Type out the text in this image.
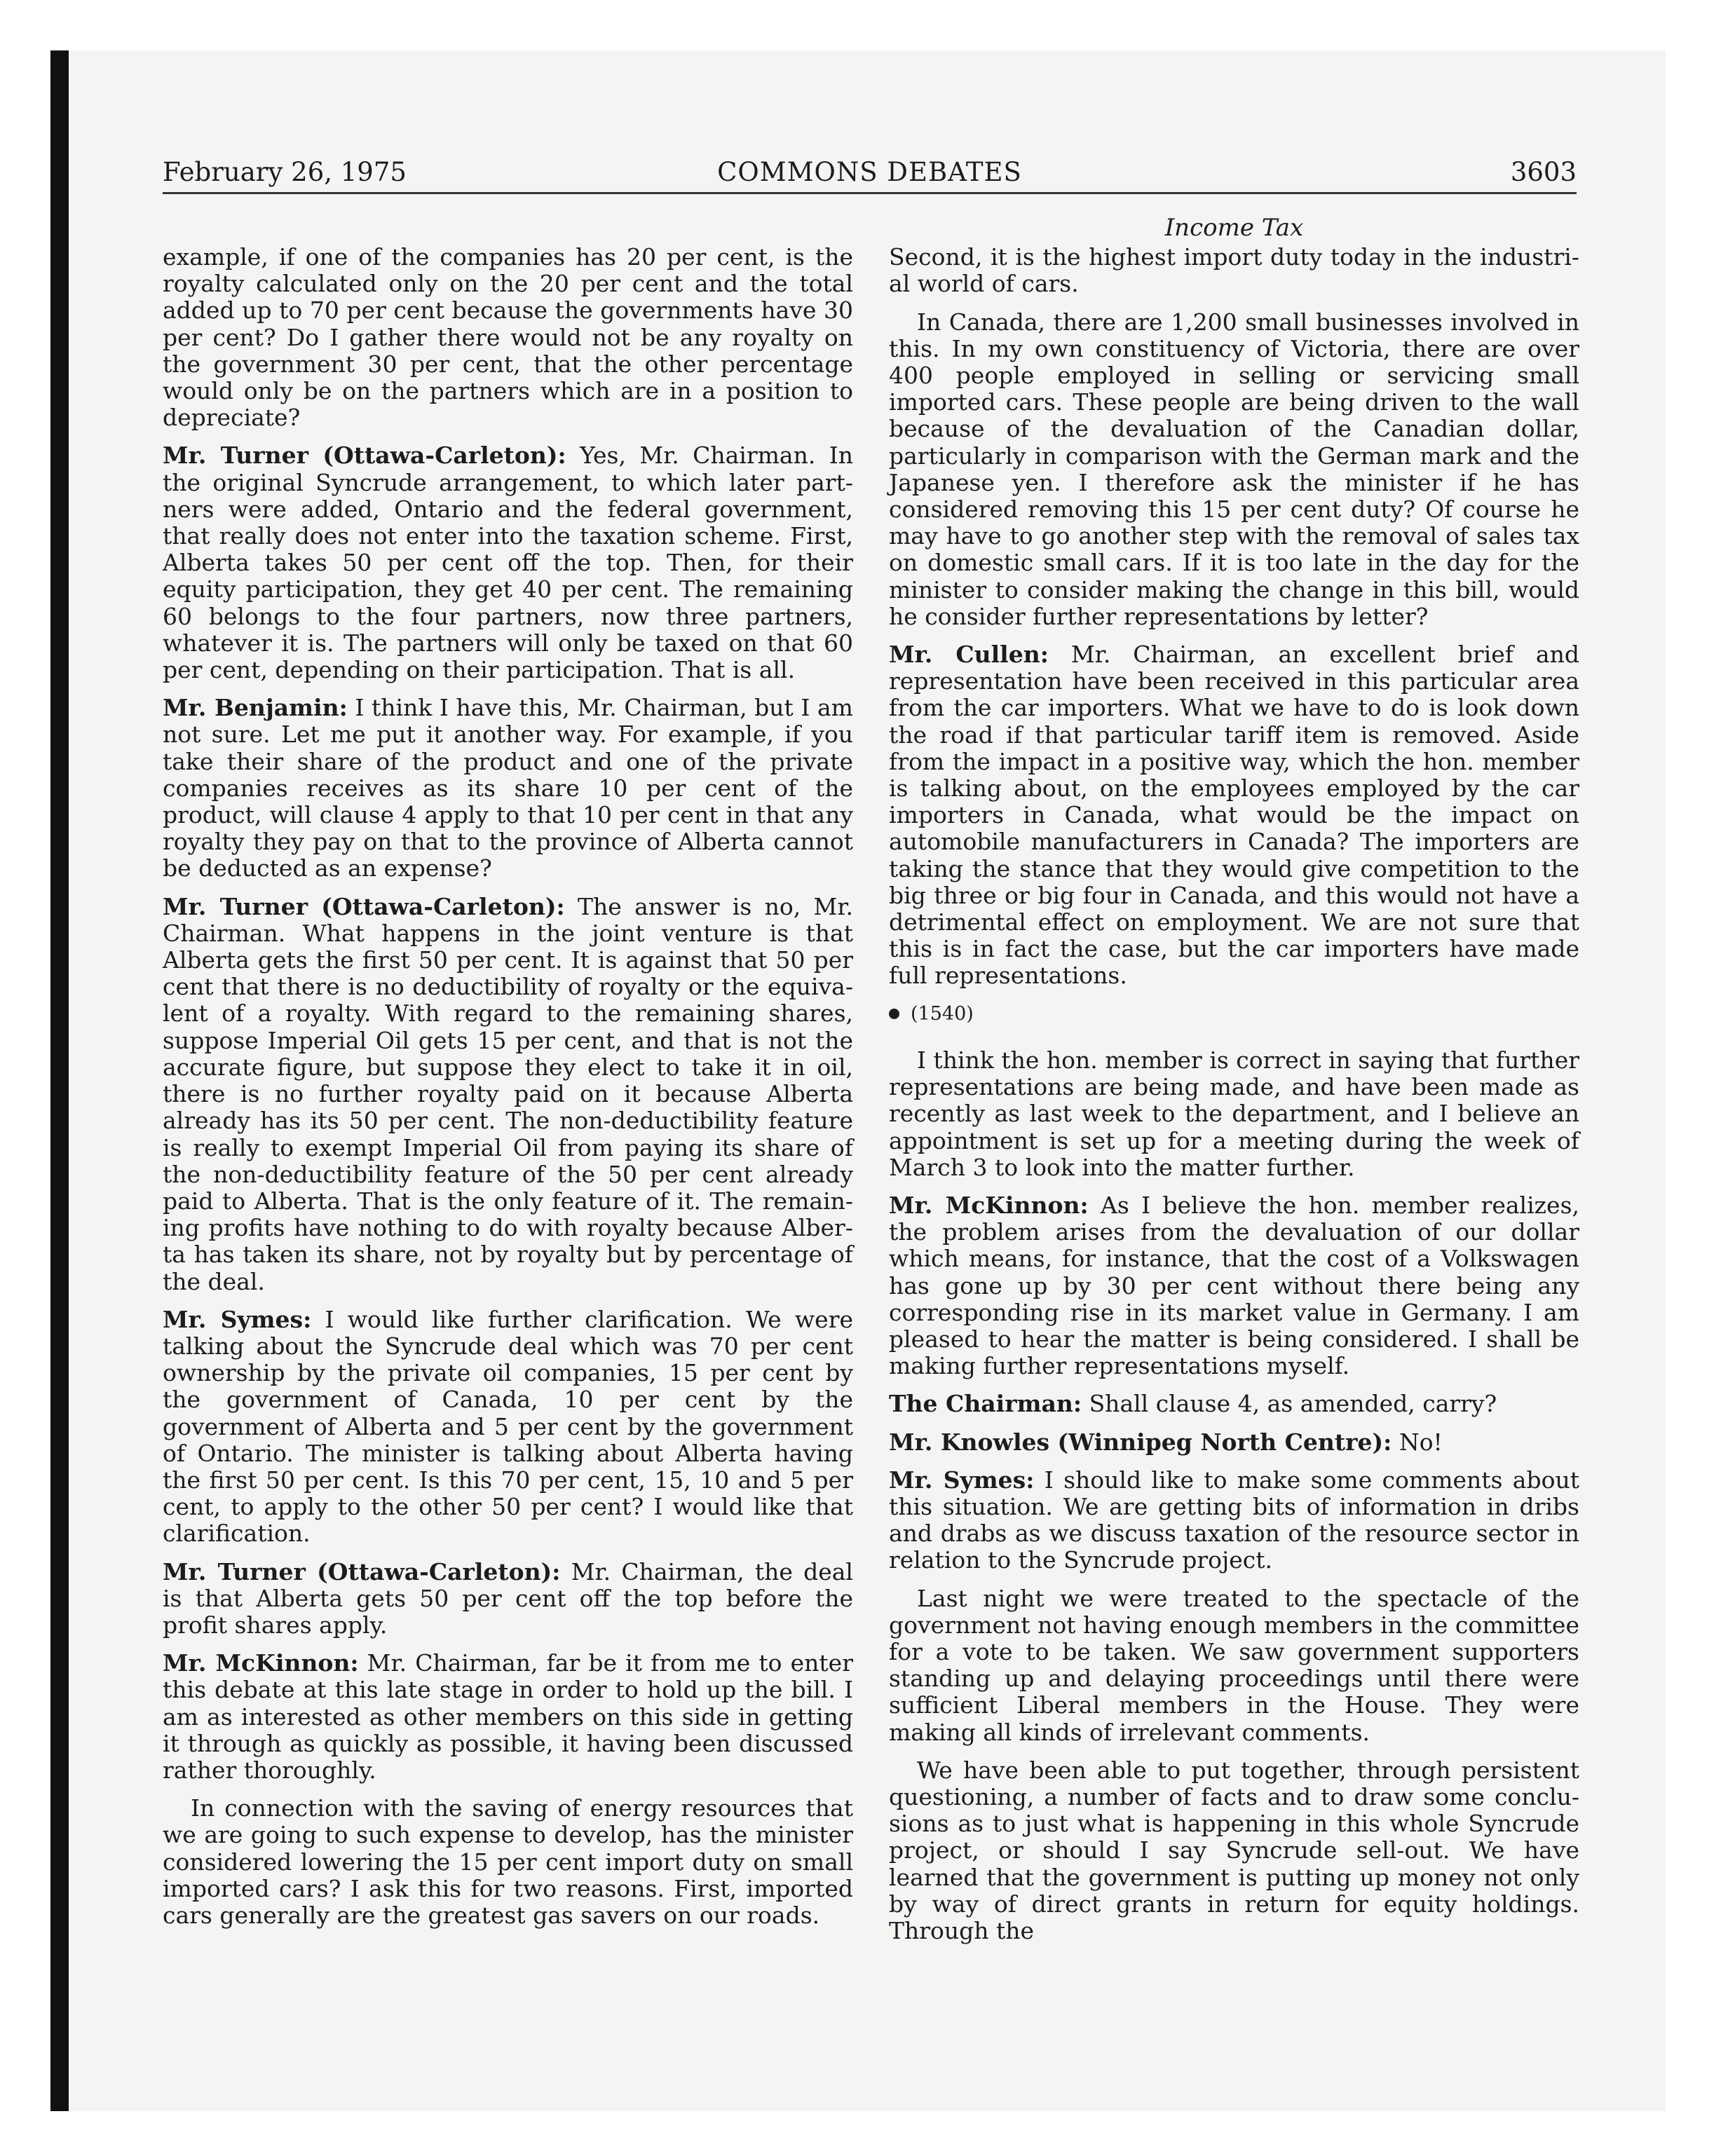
February 26, 1975	COMMONS DEBATES	3603

example, if one of the companies has 20 per cent, is the royalty calculated only on the 20 per cent and the total added up to 70 per cent because the governments have 30 per cent? Do I gather there would not be any royalty on the government 30 per cent, that the other percentage would only be on the partners which are in a position to depreciate?

Mr. Turner (Ottawa-Carleton): Yes, Mr. Chairman. In the original Syncrude arrangement, to which later partners were added, Ontario and the federal government, that really does not enter into the taxation scheme. First, Alberta takes 50 per cent off the top. Then, for their equity participation, they get 40 per cent. The remaining 60 belongs to the four partners, now three partners, whatever it is. The partners will only be taxed on that 60 per cent, depending on their participation. That is all.

Mr. Benjamin: I think I have this, Mr. Chairman, but I am not sure. Let me put it another way. For example, if you take their share of the product and one of the private companies receives as its share 10 per cent of the product, will clause 4 apply to that 10 per cent in that any royalty they pay on that to the province of Alberta cannot be deducted as an expense?

Mr. Turner (Ottawa-Carleton): The answer is no, Mr. Chairman. What happens in the joint venture is that Alberta gets the first 50 per cent. It is against that 50 per cent that there is no deductibility of royalty or the equivalent of a royalty. With regard to the remaining shares, suppose Imperial Oil gets 15 per cent, and that is not the accurate figure, but suppose they elect to take it in oil, there is no further royalty paid on it because Alberta already has its 50 per cent. The non-deductibility feature is really to exempt Imperial Oil from paying its share of the non-deductibility feature of the 50 per cent already paid to Alberta. That is the only feature of it. The remaining profits have nothing to do with royalty because Alberta has taken its share, not by royalty but by percentage of the deal.

Mr. Symes: I would like further clarification. We were talking about the Syncrude deal which was 70 per cent ownership by the private oil companies, 15 per cent by the government of Canada, 10 per cent by the government of Alberta and 5 per cent by the government of Ontario. The minister is talking about Alberta having the first 50 per cent. Is this 70 per cent, 15, 10 and 5 per cent, to apply to the other 50 per cent? I would like that clarification.

Mr. Turner (Ottawa-Carleton): Mr. Chairman, the deal is that Alberta gets 50 per cent off the top before the profit shares apply.

Mr. McKinnon: Mr. Chairman, far be it from me to enter this debate at this late stage in order to hold up the bill. I am as interested as other members on this side in getting it through as quickly as possible, it having been discussed rather thoroughly.

In connection with the saving of energy resources that we are going to such expense to develop, has the minister considered lowering the 15 per cent import duty on small imported cars? I ask this for two reasons. First, imported cars generally are the greatest gas savers on our roads.

Income Tax

Second, it is the highest import duty today in the industrial world of cars.

In Canada, there are 1,200 small businesses involved in this. In my own constituency of Victoria, there are over 400 people employed in selling or servicing small imported cars. These people are being driven to the wall because of the devaluation of the Canadian dollar, particularly in comparison with the German mark and the Japanese yen. I therefore ask the minister if he has considered removing this 15 per cent duty? Of course he may have to go another step with the removal of sales tax on domestic small cars. If it is too late in the day for the minister to consider making the change in this bill, would he consider further representations by letter?

Mr. Cullen: Mr. Chairman, an excellent brief and representation have been received in this particular area from the car importers. What we have to do is look down the road if that particular tariff item is removed. Aside from the impact in a positive way, which the hon. member is talking about, on the employees employed by the car importers in Canada, what would be the impact on automobile manufacturers in Canada? The importers are taking the stance that they would give competition to the big three or big four in Canada, and this would not have a detrimental effect on employment. We are not sure that this is in fact the case, but the car importers have made full representations.

(1540)

I think the hon. member is correct in saying that further representations are being made, and have been made as recently as last week to the department, and I believe an appointment is set up for a meeting during the week of March 3 to look into the matter further.

Mr. McKinnon: As I believe the hon. member realizes, the problem arises from the devaluation of our dollar which means, for instance, that the cost of a Volkswagen has gone up by 30 per cent without there being any corresponding rise in its market value in Germany. I am pleased to hear the matter is being considered. I shall be making further representations myself.

The Chairman: Shall clause 4, as amended, carry?

Mr. Knowles (Winnipeg North Centre): No!

Mr. Symes: I should like to make some comments about this situation. We are getting bits of information in dribs and drabs as we discuss taxation of the resource sector in relation to the Syncrude project.

Last night we were treated to the spectacle of the government not having enough members in the committee for a vote to be taken. We saw government supporters standing up and delaying proceedings until there were sufficient Liberal members in the House. They were making all kinds of irrelevant comments.

We have been able to put together, through persistent questioning, a number of facts and to draw some conclusions as to just what is happening in this whole Syncrude project, or should I say Syncrude sell-out. We have learned that the government is putting up money not only by way of direct grants in return for equity holdings. Through the
